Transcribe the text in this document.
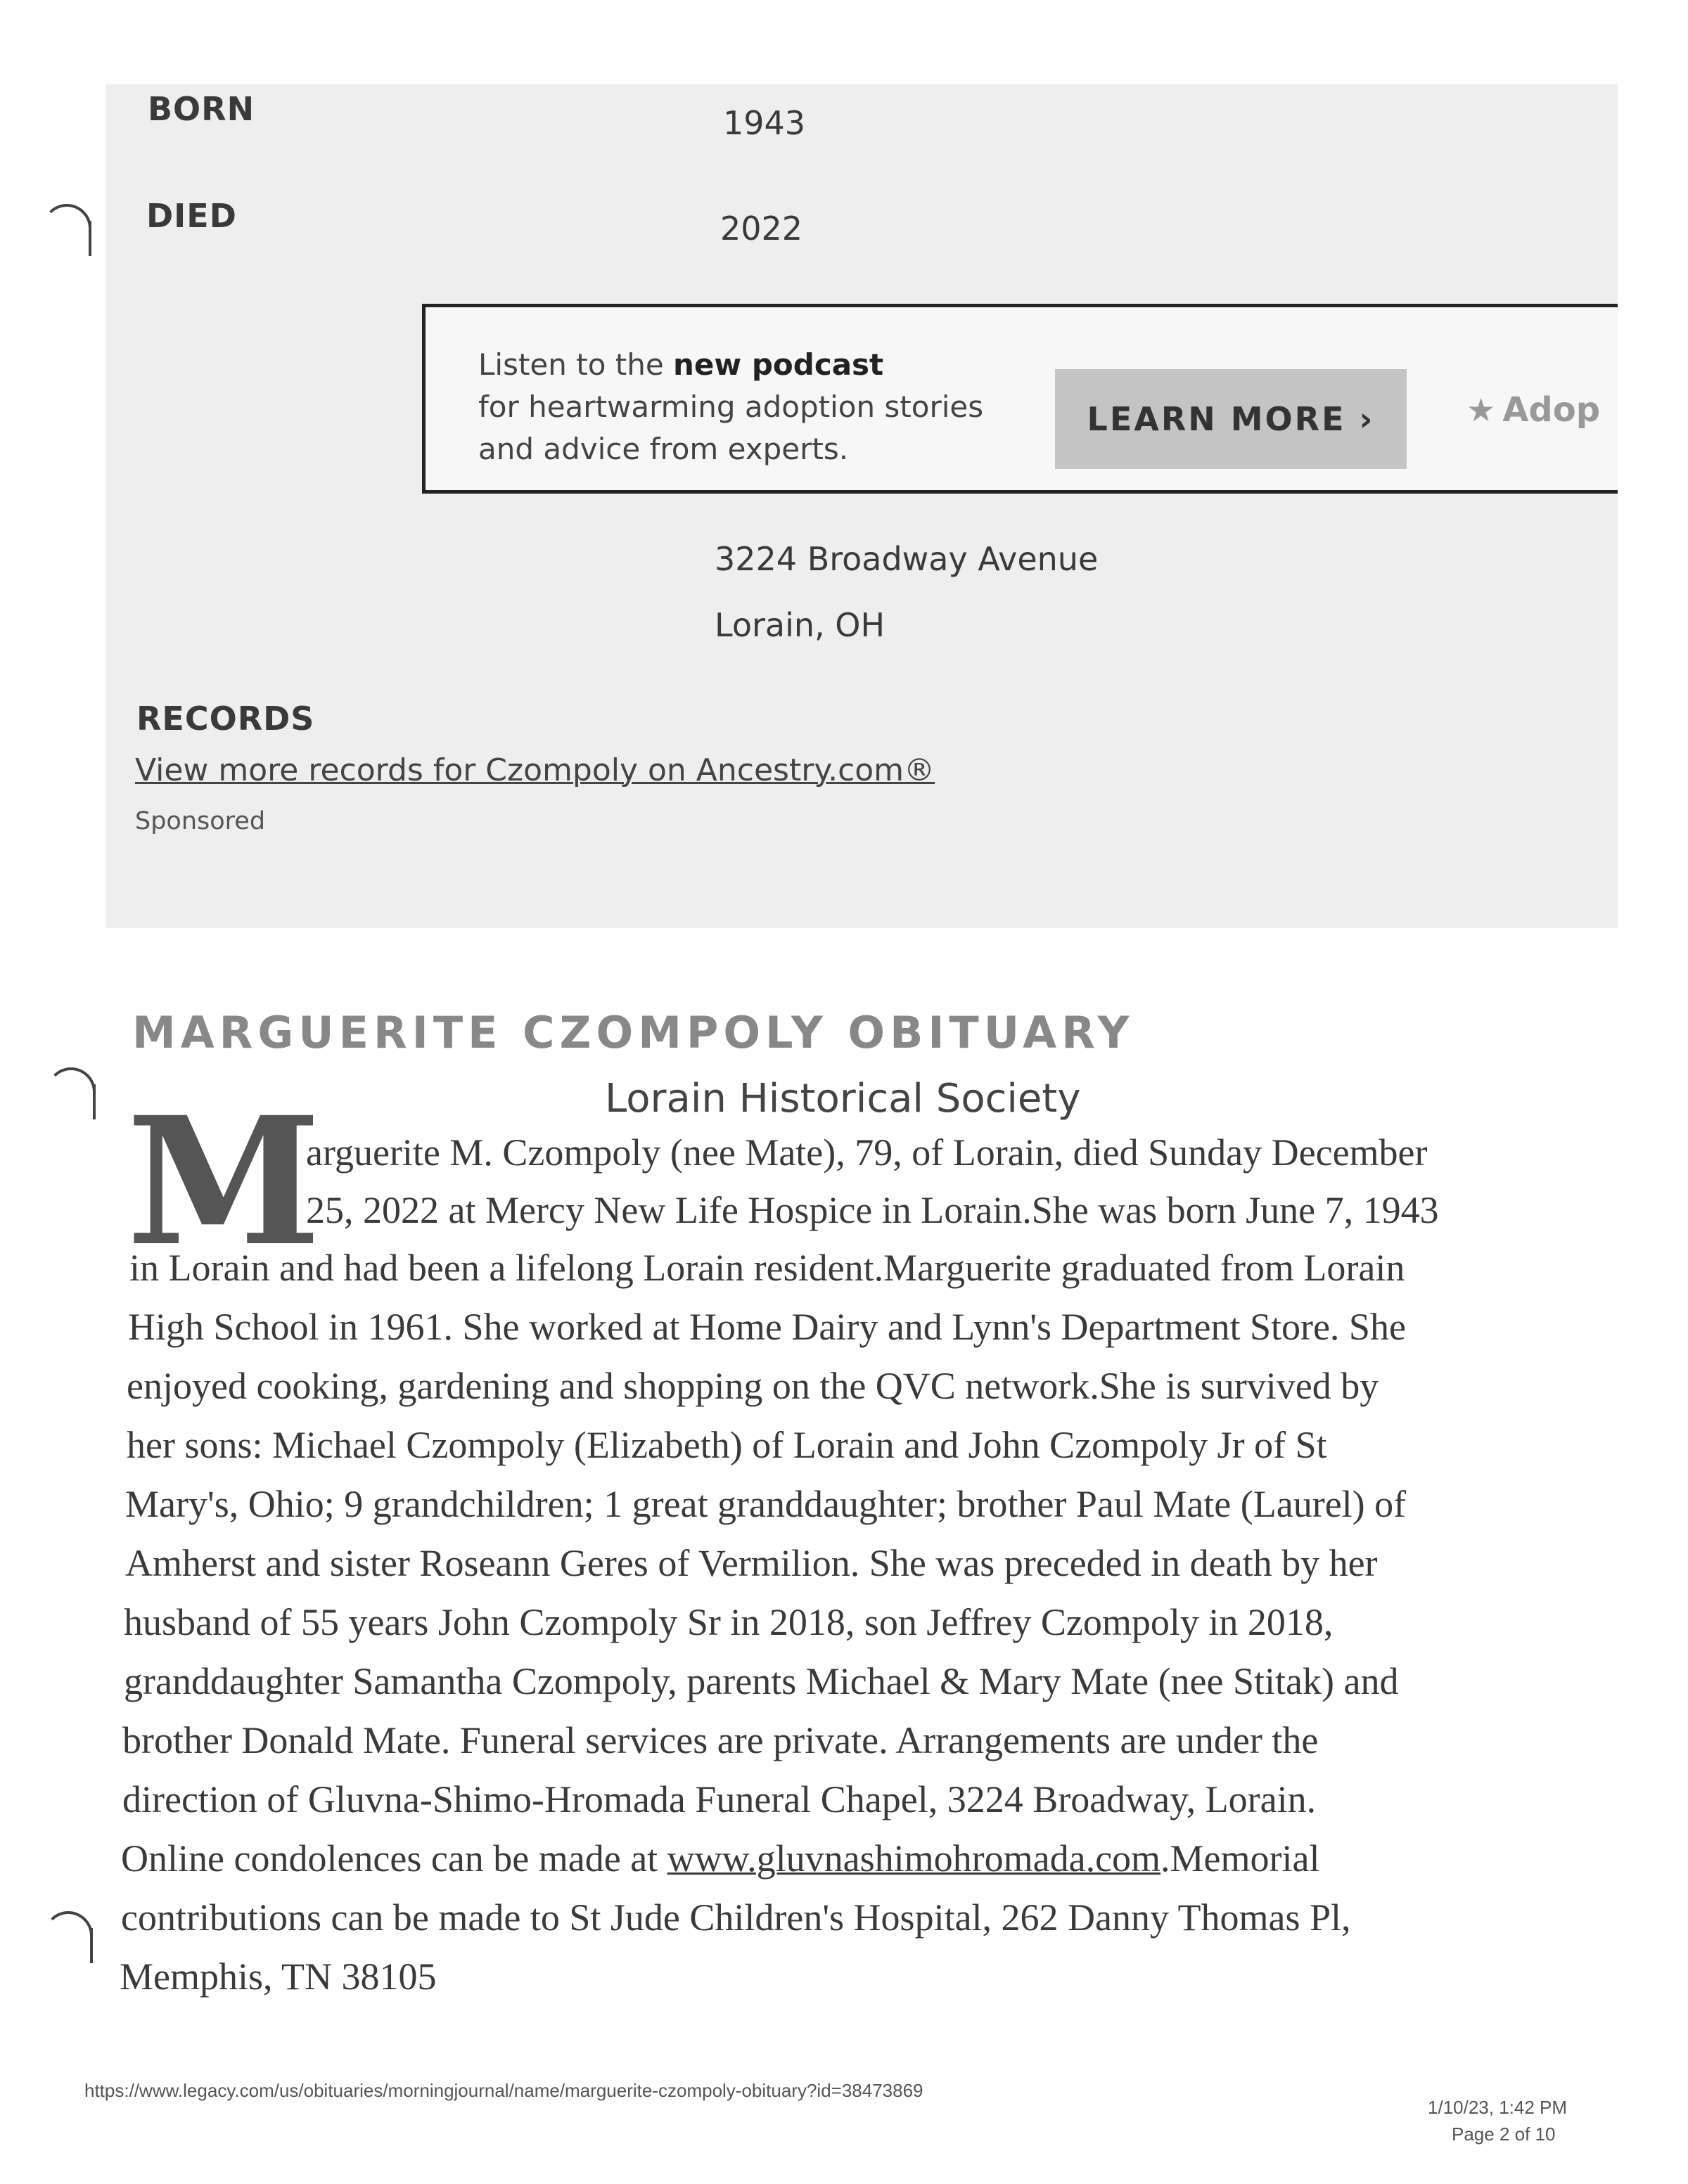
BORN	1943
DIED	2022
Listen to the new podcast
for heartwarming adoption stories
and advice from experts.
LEARN MORE ›	★ Adop
3224 Broadway Avenue
Lorain, OH
RECORDS
View more records for Czompoly on Ancestry.com®
Sponsored
MARGUERITE CZOMPOLY OBITUARY
Lorain Historical Society
M
arguerite M. Czompoly (nee Mate), 79, of Lorain, died Sunday December
25, 2022 at Mercy New Life Hospice in Lorain.She was born June 7, 1943
in Lorain and had been a lifelong Lorain resident.Marguerite graduated from Lorain
High School in 1961. She worked at Home Dairy and Lynn's Department Store. She
enjoyed cooking, gardening and shopping on the QVC network.She is survived by
her sons: Michael Czompoly (Elizabeth) of Lorain and John Czompoly Jr of St
Mary's, Ohio; 9 grandchildren; 1 great granddaughter; brother Paul Mate (Laurel) of
Amherst and sister Roseann Geres of Vermilion. She was preceded in death by her
husband of 55 years John Czompoly Sr in 2018, son Jeffrey Czompoly in 2018,
granddaughter Samantha Czompoly, parents Michael & Mary Mate (nee Stitak) and
brother Donald Mate. Funeral services are private. Arrangements are under the
direction of Gluvna-Shimo-Hromada Funeral Chapel, 3224 Broadway, Lorain.
Online condolences can be made at www.gluvnashimohromada.com.Memorial
contributions can be made to St Jude Children's Hospital, 262 Danny Thomas Pl,
Memphis, TN 38105
https://www.legacy.com/us/obituaries/morningjournal/name/marguerite-czompoly-obituary?id=38473869
1/10/23, 1:42 PM
Page 2 of 10
